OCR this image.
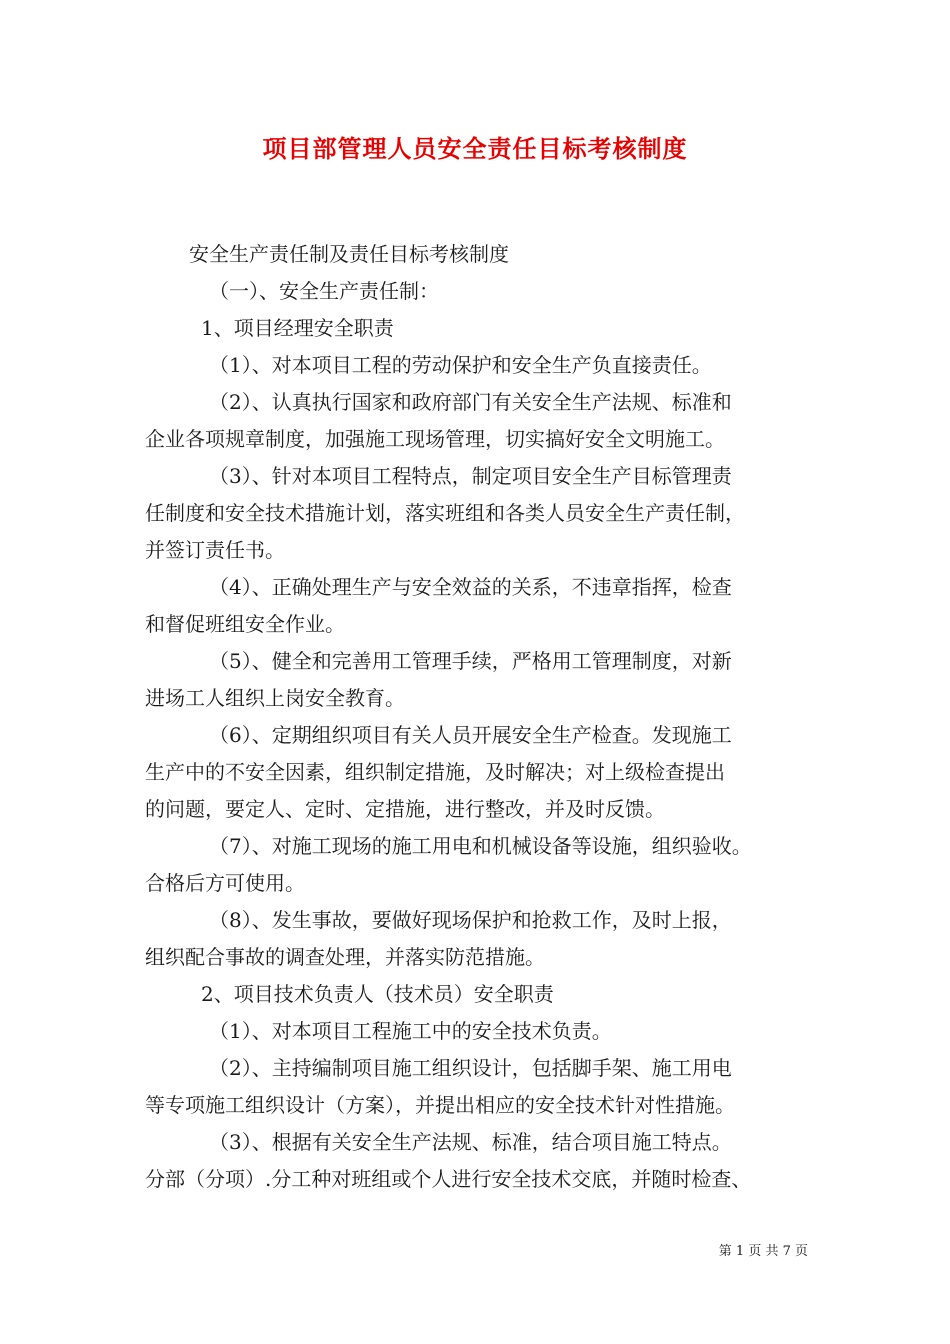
项目部管理人员安全责任目标考核制度
安全生产责任制及责任目标考核制度
（一）、安全生产责任制：
1、项目经理安全职责
（1）、对本项目工程的劳动保护和安全生产负直接责任。
（2）、认真执行国家和政府部门有关安全生产法规、标准和
企业各项规章制度，加强施工现场管理，切实搞好安全文明施工。
（3）、针对本项目工程特点，制定项目安全生产目标管理责
任制度和安全技术措施计划，落实班组和各类人员安全生产责任制，
并签订责任书。
（4）、正确处理生产与安全效益的关系，不违章指挥，检查
和督促班组安全作业。
（5）、健全和完善用工管理手续，严格用工管理制度，对新
进场工人组织上岗安全教育。
（6）、定期组织项目有关人员开展安全生产检查。发现施工
生产中的不安全因素，组织制定措施，及时解决；对上级检查提出
的问题，要定人、定时、定措施，进行整改，并及时反馈。
（7）、对施工现场的施工用电和机械设备等设施，组织验收。
合格后方可使用。
（8）、发生事故，要做好现场保护和抢救工作，及时上报，
组织配合事故的调查处理，并落实防范措施。
2、项目技术负责人（技术员）安全职责
（1）、对本项目工程施工中的安全技术负责。
（2）、主持编制项目施工组织设计，包括脚手架、施工用电
等专项施工组织设计（方案），并提出相应的安全技术针对性措施。
（3）、根据有关安全生产法规、标准，结合项目施工特点。
分部（分项）.分工种对班组或个人进行安全技术交底，并随时检查、
第 1 页 共 7 页
